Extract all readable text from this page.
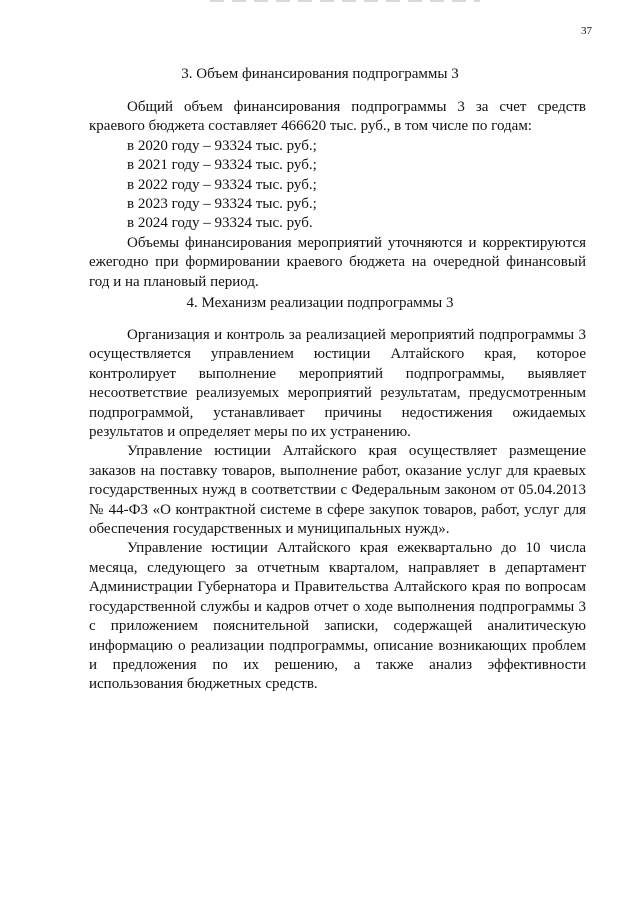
37
3. Объем финансирования подпрограммы 3

Общий объем финансирования подпрограммы 3 за счет средств краевого бюджета составляет 466620 тыс. руб., в том числе по годам:

в 2020 году – 93324 тыс. руб.;

в 2021 году – 93324 тыс. руб.;

в 2022 году – 93324 тыс. руб.;

в 2023 году – 93324 тыс. руб.;

в 2024 году – 93324 тыс. руб.

Объемы финансирования мероприятий уточняются и корректируются ежегодно при формировании краевого бюджета на очередной финансовый год и на плановый период.

4. Механизм реализации подпрограммы 3

Организация и контроль за реализацией мероприятий подпрограммы 3 осуществляется управлением юстиции Алтайского края, которое контролирует выполнение мероприятий подпрограммы, выявляет несоответствие реализуемых мероприятий результатам, предусмотренным подпрограммой, устанавливает причины недостижения ожидаемых результатов и определяет меры по их устранению.

Управление юстиции Алтайского края осуществляет размещение заказов на поставку товаров, выполнение работ, оказание услуг для краевых государственных нужд в соответствии с Федеральным законом от 05.04.2013 № 44-ФЗ «О контрактной системе в сфере закупок товаров, работ, услуг для обеспечения государственных и муниципальных нужд».

Управление юстиции Алтайского края ежеквартально до 10 числа месяца, следующего за отчетным кварталом, направляет в департамент Администрации Губернатора и Правительства Алтайского края по вопросам государственной службы и кадров отчет о ходе выполнения подпрограммы 3 с приложением пояснительной записки, содержащей аналитическую информацию о реализации подпрограммы, описание возникающих проблем и предложения по их решению, а также анализ эффективности использования бюджетных средств.
